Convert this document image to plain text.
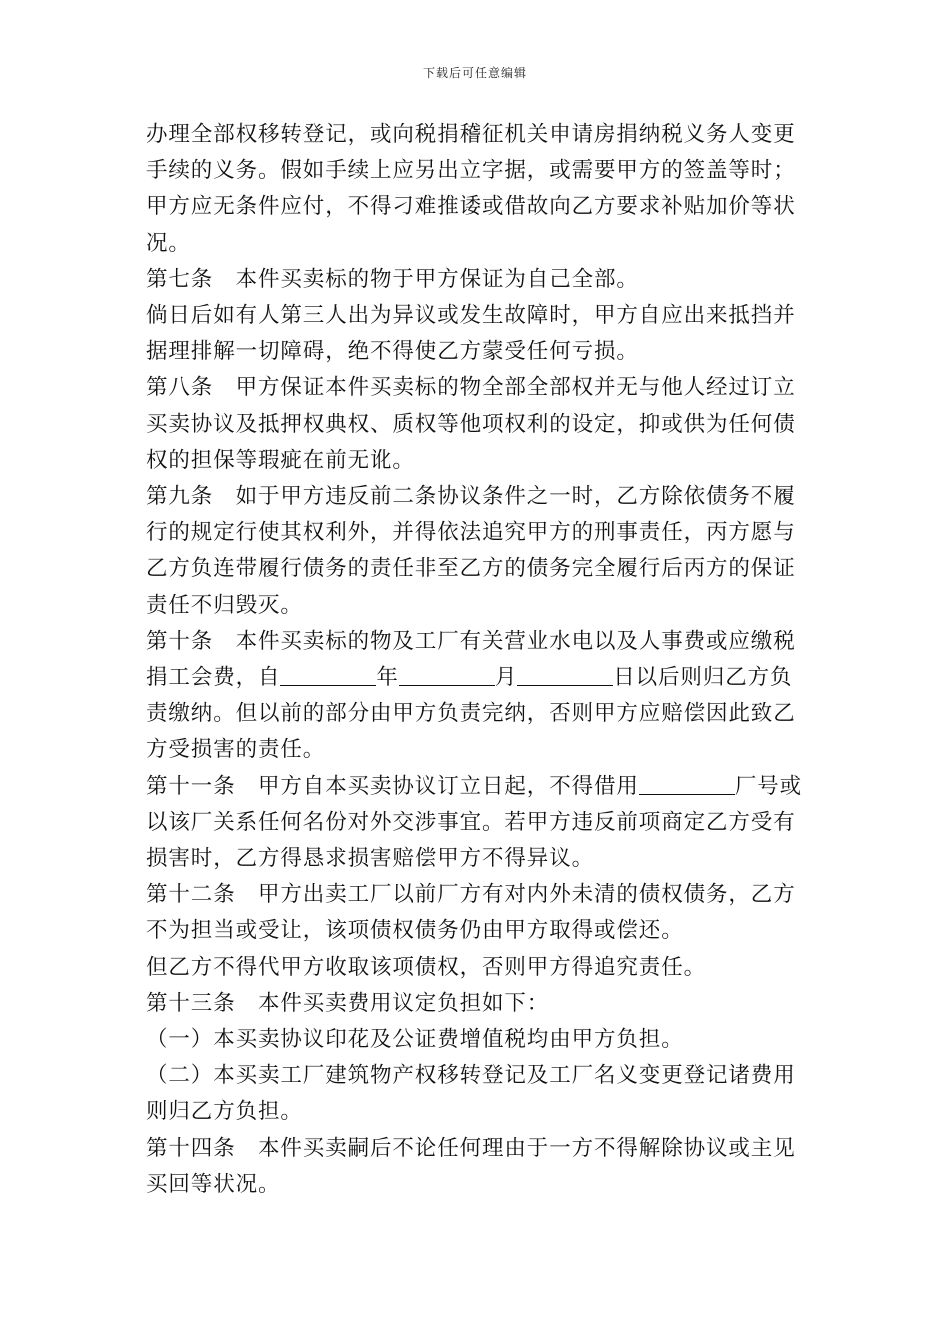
下载后可任意编辑

办理全部权移转登记，或向税捐稽征机关申请房捐纳税义务人变更手续的义务。假如手续上应另出立字据，或需要甲方的签盖等时；甲方应无条件应付，不得刁难推诿或借故向乙方要求补贴加价等状况。

第七条　本件买卖标的物于甲方保证为自己全部。

倘日后如有人第三人出为异议或发生故障时，甲方自应出来抵挡并据理排解一切障碍，绝不得使乙方蒙受任何亏损。

第八条　甲方保证本件买卖标的物全部全部权并无与他人经过订立买卖协议及抵押权典权、质权等他项权利的设定，抑或供为任何债权的担保等瑕疵在前无讹。

第九条　如于甲方违反前二条协议条件之一时，乙方除依债务不履行的规定行使其权利外，并得依法追究甲方的刑事责任，丙方愿与乙方负连带履行债务的责任非至乙方的债务完全履行后丙方的保证责任不归毁灭。

第十条　本件买卖标的物及工厂有关营业水电以及人事费或应缴税捐工会费，自	年	月	日以后则归乙方负责缴纳。但以前的部分由甲方负责完纳，否则甲方应赔偿因此致乙方受损害的责任。

第十一条　甲方自本买卖协议订立日起，不得借用	厂号或以该厂关系任何名份对外交涉事宜。若甲方违反前项商定乙方受有损害时，乙方得恳求损害赔偿甲方不得异议。

第十二条　甲方出卖工厂以前厂方有对内外未清的债权债务，乙方不为担当或受让，该项债权债务仍由甲方取得或偿还。

但乙方不得代甲方收取该项债权，否则甲方得追究责任。

第十三条　本件买卖费用议定负担如下：

（一）本买卖协议印花及公证费增值税均由甲方负担。

（二）本买卖工厂建筑物产权移转登记及工厂名义变更登记诸费用则归乙方负担。

第十四条　本件买卖嗣后不论任何理由于一方不得解除协议或主见买回等状况。
